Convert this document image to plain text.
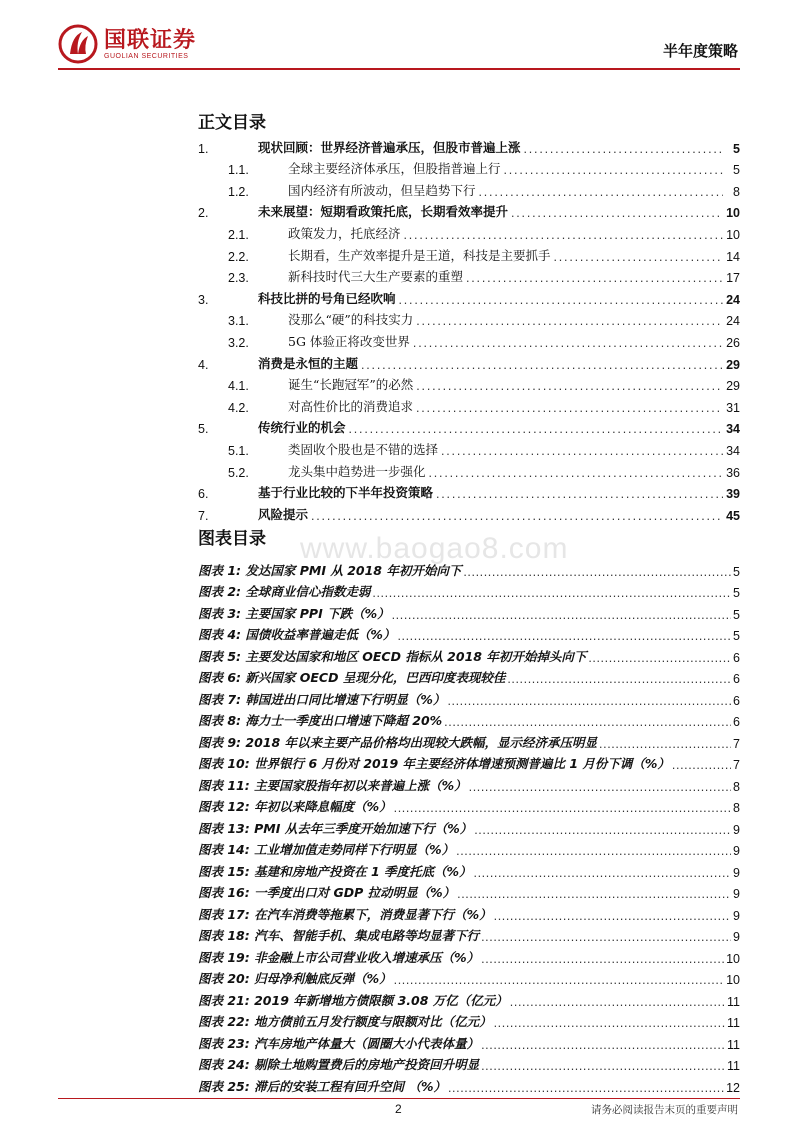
国联证券
GUOLIAN SECURITIES	半年度策略
正文目录
1.	现状回顾：世界经济普遍承压，但股市普遍上涨 .....	5
1.1.	全球主要经济体承压，但股指普遍上行 .....	5
1.2.	国内经济有所波动，但呈趋势下行 .....	8
2.	未来展望：短期看政策托底，长期看效率提升 .....	10
2.1.	政策发力，托底经济 .....	10
2.2.	长期看，生产效率提升是王道，科技是主要抓手 .....	14
2.3.	新科技时代三大生产要素的重塑 .....	17
3.	科技比拼的号角已经吹响 .....	24
3.1.	没那么“硬”的科技实力 .....	24
3.2.	5G 体验正将改变世界 .....	26
4.	消费是永恒的主题 .....	29
4.1.	诞生“长跑冠军”的必然 .....	29
4.2.	对高性价比的消费追求 .....	31
5.	传统行业的机会 .....	34
5.1.	类固收个股也是不错的选择 .....	34
5.2.	龙头集中趋势进一步强化 .....	36
6.	基于行业比较的下半年投资策略 .....	39
7.	风险提示 .....	45
www.baogao8.com
图表目录
图表 1: 发达国家 PMI 从 2018 年初开始向下 .....	5
图表 2: 全球商业信心指数走弱 .....	5
图表 3: 主要国家 PPI 下跌（%） .....	5
图表 4: 国债收益率普遍走低（%） .....	5
图表 5: 主要发达国家和地区 OECD 指标从 2018 年初开始掉头向下 .....	6
图表 6: 新兴国家 OECD 呈现分化，巴西印度表现较佳 .....	6
图表 7: 韩国进出口同比增速下行明显（%） .....	6
图表 8: 海力士一季度出口增速下降超 20% .....	6
图表 9: 2018 年以来主要产品价格均出现较大跌幅，显示经济承压明显 .....	7
图表 10: 世界银行 6 月份对 2019 年主要经济体增速预测普遍比 1 月份下调（%） .....	7
图表 11: 主要国家股指年初以来普遍上涨（%） .....	8
图表 12: 年初以来降息幅度（%） .....	8
图表 13: PMI 从去年三季度开始加速下行（%） .....	9
图表 14: 工业增加值走势同样下行明显（%） .....	9
图表 15: 基建和房地产投资在 1 季度托底（%） .....	9
图表 16: 一季度出口对 GDP 拉动明显（%） .....	9
图表 17: 在汽车消费等拖累下，消费显著下行（%） .....	9
图表 18: 汽车、智能手机、集成电路等均显著下行 .....	9
图表 19: 非金融上市公司营业收入增速承压（%） .....	10
图表 20: 归母净利触底反弹（%） .....	10
图表 21: 2019 年新增地方债限额 3.08 万亿（亿元） .....	11
图表 22: 地方债前五月发行额度与限额对比（亿元） .....	11
图表 23: 汽车房地产体量大（圆圈大小代表体量） .....	11
图表 24: 剔除土地购置费后的房地产投资回升明显 .....	11
图表 25: 滞后的安装工程有回升空间 （%） .....	12
2	请务必阅读报告末页的重要声明
